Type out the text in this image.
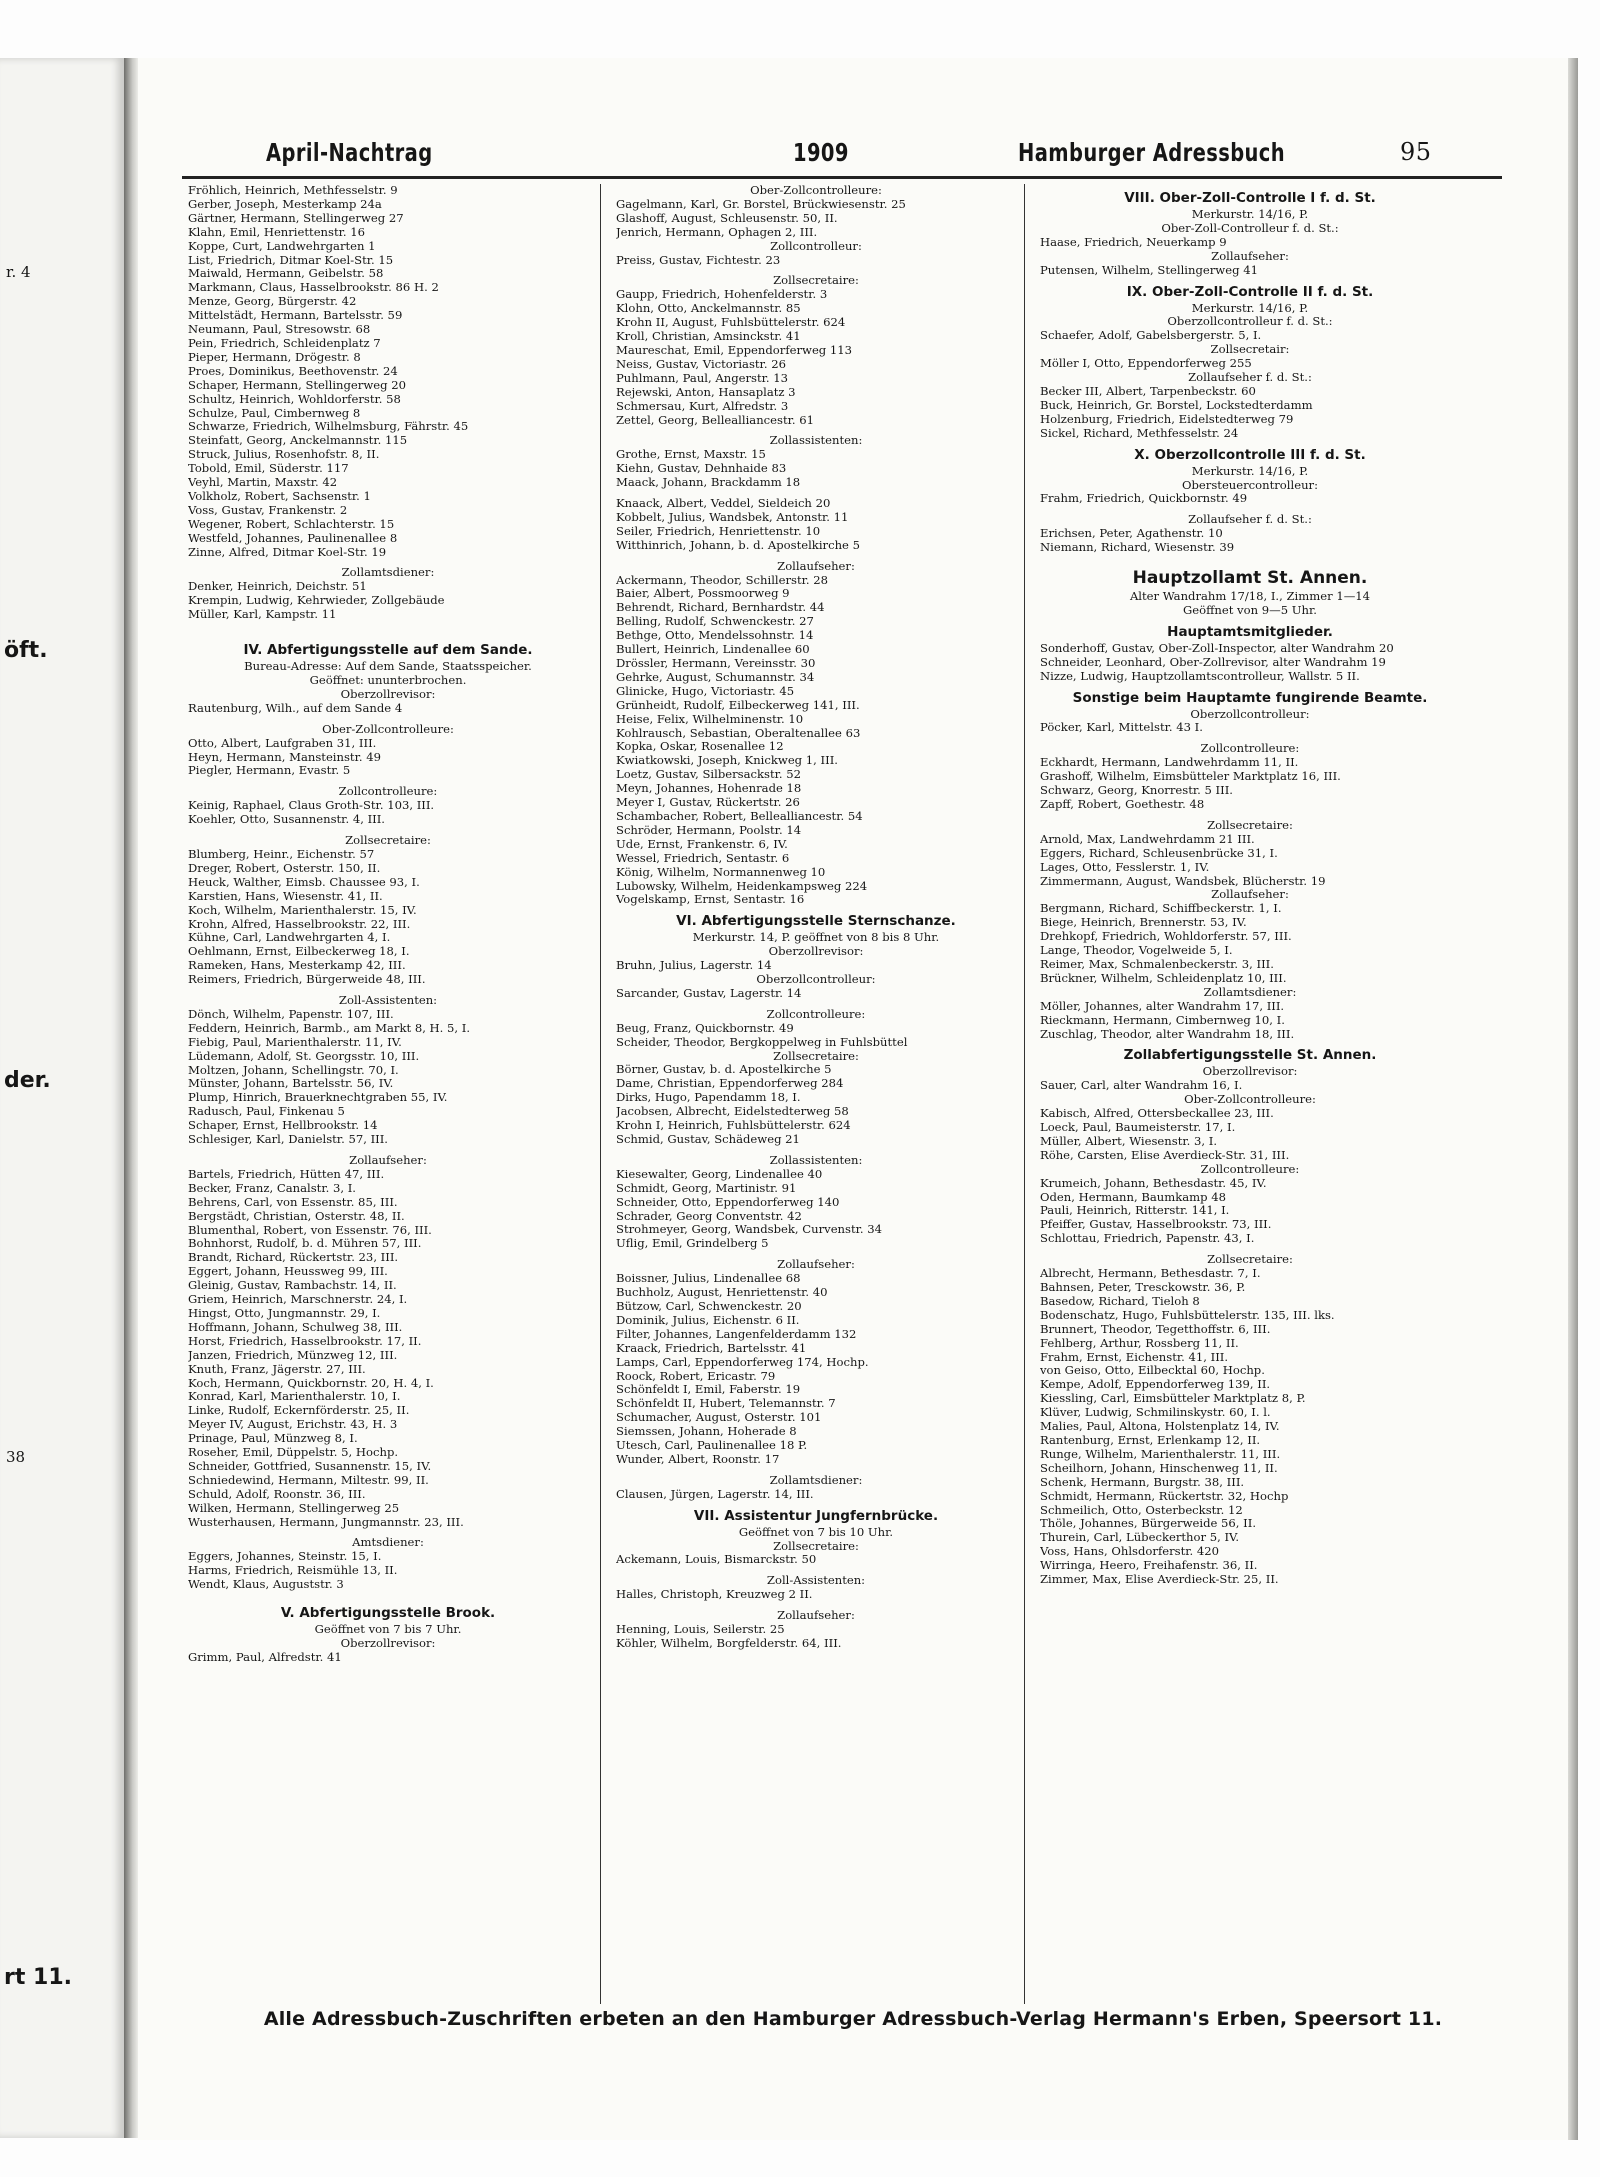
r. 4
öft.
der.
38
rt 11.
April-Nachtrag	1909	Hamburger Adressbuch	95
Fröhlich, Heinrich, Methfesselstr. 9
Gerber, Joseph, Mesterkamp 24a
Gärtner, Hermann, Stellingerweg 27
Klahn, Emil, Henriettenstr. 16
Koppe, Curt, Landwehrgarten 1
List, Friedrich, Ditmar Koel-Str. 15
Maiwald, Hermann, Geibelstr. 58
Markmann, Claus, Hasselbrookstr. 86 H. 2
Menze, Georg, Bürgerstr. 42
Mittelstädt, Hermann, Bartelsstr. 59
Neumann, Paul, Stresowstr. 68
Pein, Friedrich, Schleidenplatz 7
Pieper, Hermann, Drögestr. 8
Proes, Dominikus, Beethovenstr. 24
Schaper, Hermann, Stellingerweg 20
Schultz, Heinrich, Wohldorferstr. 58
Schulze, Paul, Cimbernweg 8
Schwarze, Friedrich, Wilhelmsburg, Fährstr. 45
Steinfatt, Georg, Anckelmannstr. 115
Struck, Julius, Rosenhofstr. 8, II.
Tobold, Emil, Süderstr. 117
Veyhl, Martin, Maxstr. 42
Volkholz, Robert, Sachsenstr. 1
Voss, Gustav, Frankenstr. 2
Wegener, Robert, Schlachterstr. 15
Westfeld, Johannes, Paulinenallee 8
Zinne, Alfred, Ditmar Koel-Str. 19
Zollamtsdiener:
Denker, Heinrich, Deichstr. 51
Krempin, Ludwig, Kehrwieder, Zollgebäude
Müller, Karl, Kampstr. 11
IV. Abfertigungsstelle auf dem Sande.
Bureau-Adresse: Auf dem Sande, Staatsspeicher.
Geöffnet: ununterbrochen.
Oberzollrevisor:
Rautenburg, Wilh., auf dem Sande 4
Ober-Zollcontrolleure:
Otto, Albert, Laufgraben 31, III.
Heyn, Hermann, Mansteinstr. 49
Piegler, Hermann, Evastr. 5
Zollcontrolleure:
Keinig, Raphael, Claus Groth-Str. 103, III.
Koehler, Otto, Susannenstr. 4, III.
Zollsecretaire:
Blumberg, Heinr., Eichenstr. 57
Dreger, Robert, Osterstr. 150, II.
Heuck, Walther, Eimsb. Chaussee 93, I.
Karstien, Hans, Wiesenstr. 41, II.
Koch, Wilhelm, Marienthalerstr. 15, IV.
Krohn, Alfred, Hasselbrookstr. 22, III.
Kühne, Carl, Landwehrgarten 4, I.
Oehlmann, Ernst, Eilbeckerweg 18, I.
Rameken, Hans, Mesterkamp 42, III.
Reimers, Friedrich, Bürgerweide 48, III.
Zoll-Assistenten:
Dönch, Wilhelm, Papenstr. 107, III.
Feddern, Heinrich, Barmb., am Markt 8, H. 5, I.
Fiebig, Paul, Marienthalerstr. 11, IV.
Lüdemann, Adolf, St. Georgsstr. 10, III.
Moltzen, Johann, Schellingstr. 70, I.
Münster, Johann, Bartelsstr. 56, IV.
Plump, Hinrich, Brauerknechtgraben 55, IV.
Radusch, Paul, Finkenau 5
Schaper, Ernst, Hellbrookstr. 14
Schlesiger, Karl, Danielstr. 57, III.
Zollaufseher:
Bartels, Friedrich, Hütten 47, III.
Becker, Franz, Canalstr. 3, I.
Behrens, Carl, von Essenstr. 85, III.
Bergstädt, Christian, Osterstr. 48, II.
Blumenthal, Robert, von Essenstr. 76, III.
Bohnhorst, Rudolf, b. d. Mühren 57, III.
Brandt, Richard, Rückertstr. 23, III.
Eggert, Johann, Heussweg 99, III.
Gleinig, Gustav, Rambachstr. 14, II.
Griem, Heinrich, Marschnerstr. 24, I.
Hingst, Otto, Jungmannstr. 29, I.
Hoffmann, Johann, Schulweg 38, III.
Horst, Friedrich, Hasselbrookstr. 17, II.
Janzen, Friedrich, Münzweg 12, III.
Knuth, Franz, Jägerstr. 27, III.
Koch, Hermann, Quickbornstr. 20, H. 4, I.
Konrad, Karl, Marienthalerstr. 10, I.
Linke, Rudolf, Eckernförderstr. 25, II.
Meyer IV, August, Erichstr. 43, H. 3
Prinage, Paul, Münzweg 8, I.
Roseher, Emil, Düppelstr. 5, Hochp.
Schneider, Gottfried, Susannenstr. 15, IV.
Schniedewind, Hermann, Miltestr. 99, II.
Schuld, Adolf, Roonstr. 36, III.
Wilken, Hermann, Stellingerweg 25
Wusterhausen, Hermann, Jungmannstr. 23, III.
Amtsdiener:
Eggers, Johannes, Steinstr. 15, I.
Harms, Friedrich, Reismühle 13, II.
Wendt, Klaus, Auguststr. 3
V. Abfertigungsstelle Brook.
Geöffnet von 7 bis 7 Uhr.
Oberzollrevisor:
Grimm, Paul, Alfredstr. 41
Ober-Zollcontrolleure:
Gagelmann, Karl, Gr. Borstel, Brückwiesenstr. 25
Glashoff, August, Schleusenstr. 50, II.
Jenrich, Hermann, Ophagen 2, III.
Zollcontrolleur:
Preiss, Gustav, Fichtestr. 23
Zollsecretaire:
Gaupp, Friedrich, Hohenfelderstr. 3
Klohn, Otto, Anckelmannstr. 85
Krohn II, August, Fuhlsbüttelerstr. 624
Kroll, Christian, Amsinckstr. 41
Maureschat, Emil, Eppendorferweg 113
Neiss, Gustav, Victoriastr. 26
Puhlmann, Paul, Angerstr. 13
Rejewski, Anton, Hansaplatz 3
Schmersau, Kurt, Alfredstr. 3
Zettel, Georg, Bellealliancestr. 61
Zollassistenten:
Grothe, Ernst, Maxstr. 15
Kiehn, Gustav, Dehnhaide 83
Maack, Johann, Brackdamm 18
Knaack, Albert, Veddel, Sieldeich 20
Kobbelt, Julius, Wandsbek, Antonstr. 11
Seiler, Friedrich, Henriettenstr. 10
Witthinrich, Johann, b. d. Apostelkirche 5
Zollaufseher:
Ackermann, Theodor, Schillerstr. 28
Baier, Albert, Possmoorweg 9
Behrendt, Richard, Bernhardstr. 44
Belling, Rudolf, Schwenckestr. 27
Bethge, Otto, Mendelssohnstr. 14
Bullert, Heinrich, Lindenallee 60
Drössler, Hermann, Vereinsstr. 30
Gehrke, August, Schumannstr. 34
Glinicke, Hugo, Victoriastr. 45
Grünheidt, Rudolf, Eilbeckerweg 141, III.
Heise, Felix, Wilhelminenstr. 10
Kohlrausch, Sebastian, Oberaltenallee 63
Kopka, Oskar, Rosenallee 12
Kwiatkowski, Joseph, Knickweg 1, III.
Loetz, Gustav, Silbersackstr. 52
Meyn, Johannes, Hohenrade 18
Meyer I, Gustav, Rückertstr. 26
Schambacher, Robert, Bellealliancestr. 54
Schröder, Hermann, Poolstr. 14
Ude, Ernst, Frankenstr. 6, IV.
Wessel, Friedrich, Sentastr. 6
König, Wilhelm, Normannenweg 10
Lubowsky, Wilhelm, Heidenkampsweg 224
Vogelskamp, Ernst, Sentastr. 16
VI. Abfertigungsstelle Sternschanze.
Merkurstr. 14, P. geöffnet von 8 bis 8 Uhr.
Oberzollrevisor:
Bruhn, Julius, Lagerstr. 14
Oberzollcontrolleur:
Sarcander, Gustav, Lagerstr. 14
Zollcontrolleure:
Beug, Franz, Quickbornstr. 49
Scheider, Theodor, Bergkoppelweg in Fuhlsbüttel
Zollsecretaire:
Börner, Gustav, b. d. Apostelkirche 5
Dame, Christian, Eppendorferweg 284
Dirks, Hugo, Papendamm 18, I.
Jacobsen, Albrecht, Eidelstedterweg 58
Krohn I, Heinrich, Fuhlsbüttelerstr. 624
Schmid, Gustav, Schädeweg 21
Zollassistenten:
Kiesewalter, Georg, Lindenallee 40
Schmidt, Georg, Martinistr. 91
Schneider, Otto, Eppendorferweg 140
Schrader, Georg Conventstr. 42
Strohmeyer, Georg, Wandsbek, Curvenstr. 34
Uflig, Emil, Grindelberg 5
Zollaufseher:
Boissner, Julius, Lindenallee 68
Buchholz, August, Henriettenstr. 40
Bützow, Carl, Schwenckestr. 20
Dominik, Julius, Eichenstr. 6 II.
Filter, Johannes, Langenfelderdamm 132
Kraack, Friedrich, Bartelsstr. 41
Lamps, Carl, Eppendorferweg 174, Hochp.
Roock, Robert, Ericastr. 79
Schönfeldt I, Emil, Faberstr. 19
Schönfeldt II, Hubert, Telemannstr. 7
Schumacher, August, Osterstr. 101
Siemssen, Johann, Hoherade 8
Utesch, Carl, Paulinenallee 18 P.
Wunder, Albert, Roonstr. 17
Zollamtsdiener:
Clausen, Jürgen, Lagerstr. 14, III.
VII. Assistentur Jungfernbrücke.
Geöffnet von 7 bis 10 Uhr.
Zollsecretaire:
Ackemann, Louis, Bismarckstr. 50
Zoll-Assistenten:
Halles, Christoph, Kreuzweg 2 II.
Zollaufseher:
Henning, Louis, Seilerstr. 25
Köhler, Wilhelm, Borgfelderstr. 64, III.
VIII. Ober-Zoll-Controlle I f. d. St.
Merkurstr. 14/16, P.
Ober-Zoll-Controlleur f. d. St.:
Haase, Friedrich, Neuerkamp 9
Zollaufseher:
Putensen, Wilhelm, Stellingerweg 41
IX. Ober-Zoll-Controlle II f. d. St.
Merkurstr. 14/16, P.
Oberzollcontrolleur f. d. St.:
Schaefer, Adolf, Gabelsbergerstr. 5, I.
Zollsecretair:
Möller I, Otto, Eppendorferweg 255
Zollaufseher f. d. St.:
Becker III, Albert, Tarpenbeckstr. 60
Buck, Heinrich, Gr. Borstel, Lockstedterdamm
Holzenburg, Friedrich, Eidelstedterweg 79
Sickel, Richard, Methfesselstr. 24
X. Oberzollcontrolle III f. d. St.
Merkurstr. 14/16, P.
Obersteuercontrolleur:
Frahm, Friedrich, Quickbornstr. 49
Zollaufseher f. d. St.:
Erichsen, Peter, Agathenstr. 10
Niemann, Richard, Wiesenstr. 39
Hauptzollamt St. Annen.
Alter Wandrahm 17/18, I., Zimmer 1—14
Geöffnet von 9—5 Uhr.
Hauptamtsmitglieder.
Sonderhoff, Gustav, Ober-Zoll-Inspector, alter Wandrahm 20
Schneider, Leonhard, Ober-Zollrevisor, alter Wandrahm 19
Nizze, Ludwig, Hauptzollamtscontrolleur, Wallstr. 5 II.
Sonstige beim Hauptamte fungirende Beamte.
Oberzollcontrolleur:
Pöcker, Karl, Mittelstr. 43 I.
Zollcontrolleure:
Eckhardt, Hermann, Landwehrdamm 11, II.
Grashoff, Wilhelm, Eimsbütteler Marktplatz 16, III.
Schwarz, Georg, Knorrestr. 5 III.
Zapff, Robert, Goethestr. 48
Zollsecretaire:
Arnold, Max, Landwehrdamm 21 III.
Eggers, Richard, Schleusenbrücke 31, I.
Lages, Otto, Fesslerstr. 1, IV.
Zimmermann, August, Wandsbek, Blücherstr. 19
Zollaufseher:
Bergmann, Richard, Schiffbeckerstr. 1, I.
Biege, Heinrich, Brennerstr. 53, IV.
Drehkopf, Friedrich, Wohldorferstr. 57, III.
Lange, Theodor, Vogelweide 5, I.
Reimer, Max, Schmalenbeckerstr. 3, III.
Brückner, Wilhelm, Schleidenplatz 10, III.
Zollamtsdiener:
Möller, Johannes, alter Wandrahm 17, III.
Rieckmann, Hermann, Cimbernweg 10, I.
Zuschlag, Theodor, alter Wandrahm 18, III.
Zollabfertigungsstelle St. Annen.
Oberzollrevisor:
Sauer, Carl, alter Wandrahm 16, I.
Ober-Zollcontrolleure:
Kabisch, Alfred, Ottersbeckallee 23, III.
Loeck, Paul, Baumeisterstr. 17, I.
Müller, Albert, Wiesenstr. 3, I.
Röhe, Carsten, Elise Averdieck-Str. 31, III.
Zollcontrolleure:
Krumeich, Johann, Bethesdastr. 45, IV.
Oden, Hermann, Baumkamp 48
Pauli, Heinrich, Ritterstr. 141, I.
Pfeiffer, Gustav, Hasselbrookstr. 73, III.
Schlottau, Friedrich, Papenstr. 43, I.
Zollsecretaire:
Albrecht, Hermann, Bethesdastr. 7, I.
Bahnsen, Peter, Tresckowstr. 36, P.
Basedow, Richard, Tieloh 8
Bodenschatz, Hugo, Fuhlsbüttelerstr. 135, III. lks.
Brunnert, Theodor, Tegetthoffstr. 6, III.
Fehlberg, Arthur, Rossberg 11, II.
Frahm, Ernst, Eichenstr. 41, III.
von Geiso, Otto, Eilbecktal 60, Hochp.
Kempe, Adolf, Eppendorferweg 139, II.
Kiessling, Carl, Eimsbütteler Marktplatz 8, P.
Klüver, Ludwig, Schmilinskystr. 60, I. l.
Malies, Paul, Altona, Holstenplatz 14, IV.
Rantenburg, Ernst, Erlenkamp 12, II.
Runge, Wilhelm, Marienthalerstr. 11, III.
Scheilhorn, Johann, Hinschenweg 11, II.
Schenk, Hermann, Burgstr. 38, III.
Schmidt, Hermann, Rückertstr. 32, Hochp
Schmeilich, Otto, Osterbeckstr. 12
Thöle, Johannes, Bürgerweide 56, II.
Thurein, Carl, Lübeckerthor 5, IV.
Voss, Hans, Ohlsdorferstr. 420
Wirringa, Heero, Freihafenstr. 36, II.
Zimmer, Max, Elise Averdieck-Str. 25, II.
Alle Adressbuch-Zuschriften erbeten an den Hamburger Adressbuch-Verlag Hermann's Erben, Speersort 11.
